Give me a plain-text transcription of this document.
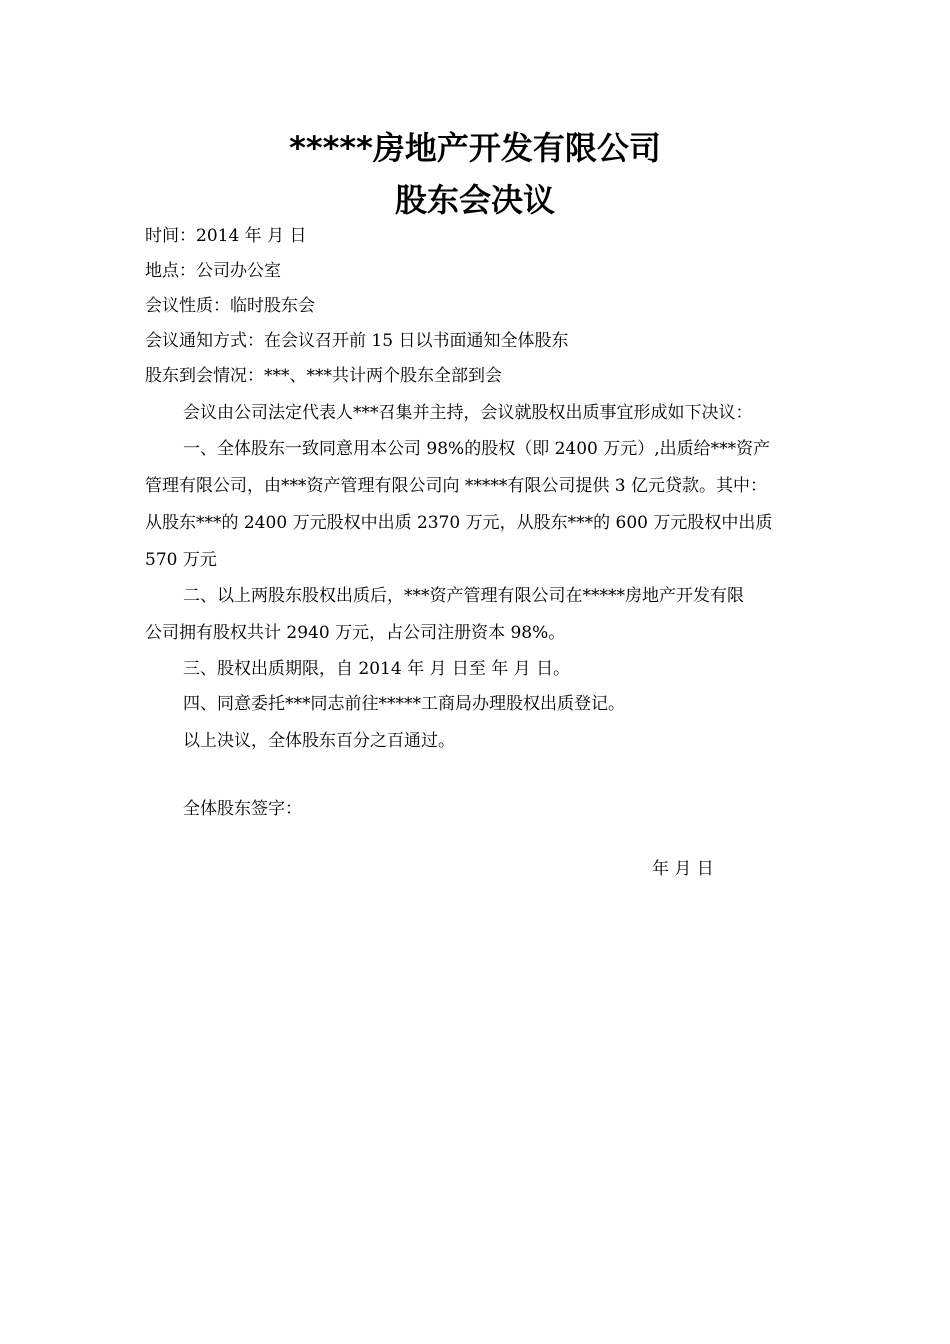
*****房地产开发有限公司
股东会决议
时间：2014 年 月 日
地点：公司办公室
会议性质：临时股东会
会议通知方式：在会议召开前 15 日以书面通知全体股东
股东到会情况：***、***共计两个股东全部到会
会议由公司法定代表人***召集并主持，会议就股权出质事宜形成如下决议：
一、全体股东一致同意用本公司 98%的股权（即 2400 万元）,出质给***资产
管理有限公司，由***资产管理有限公司向 *****有限公司提供 3 亿元贷款。其中：
从股东***的 2400 万元股权中出质 2370 万元，从股东***的 600 万元股权中出质
570 万元
二、以上两股东股权出质后，***资产管理有限公司在*****房地产开发有限
公司拥有股权共计 2940 万元，占公司注册资本 98%。
三、股权出质期限，自 2014 年 月 日至 年 月 日。
四、同意委托***同志前往*****工商局办理股权出质登记。
以上决议，全体股东百分之百通过。
全体股东签字：
年 月 日
